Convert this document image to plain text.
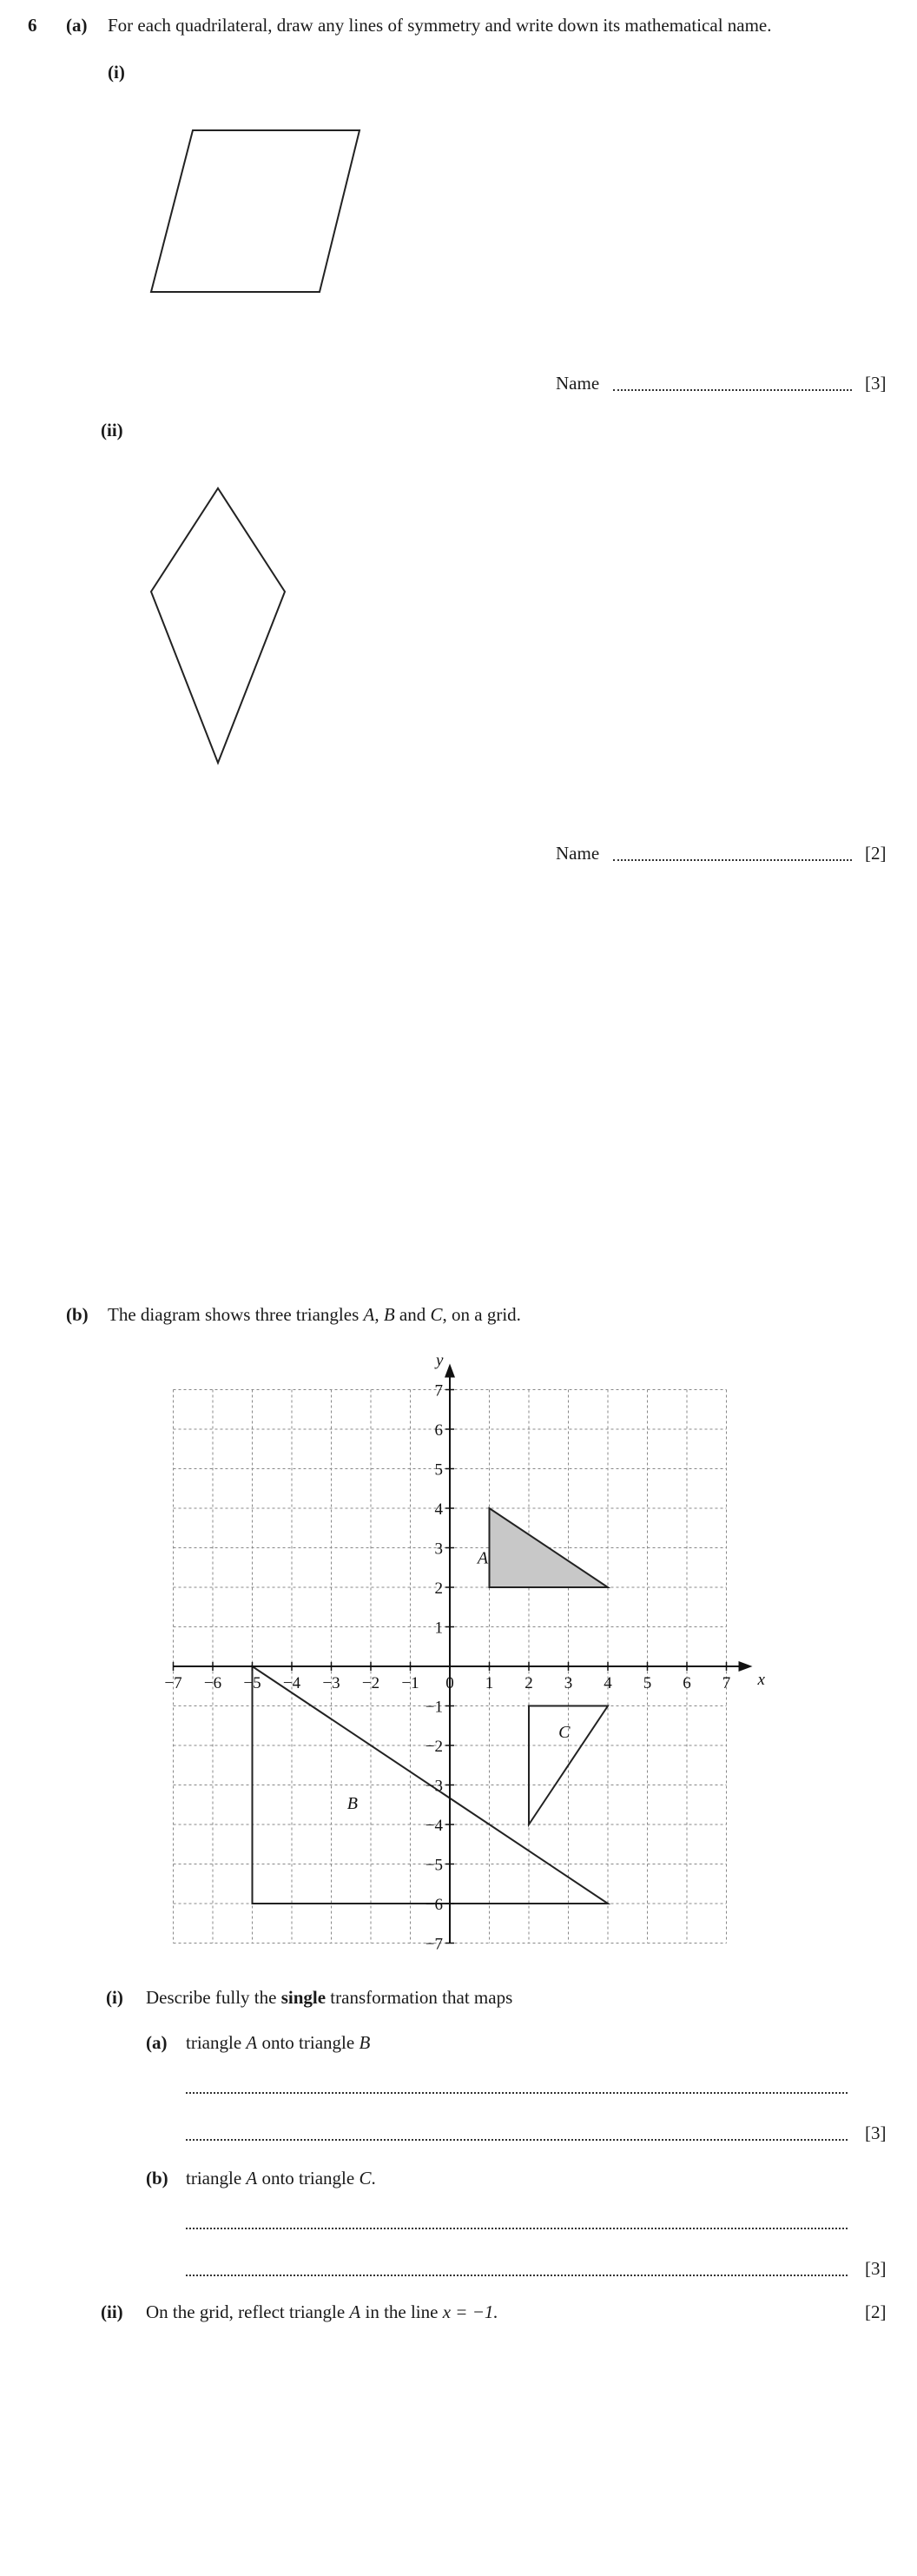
6 (a) For each quadrilateral, draw any lines of symmetry and write down its mathematical name.
(i)
Name	[3]
(ii)
Name	[2]
(b) The diagram shows three triangles A, B and C, on a grid.
x
y
−7 −6 −5 −4 −3 −2 −1 0 1 2 3 4 5 6 7
−7
−6
−5
−4
−3
−2
−1
1
2
3
4
5
6
7
A
B
C
(i) Describe fully the single transformation that maps
(a) triangle A onto triangle B
[3]
(b) triangle A onto triangle C.
[3]
(ii) On the grid, reflect triangle A in the line x = −1.	[2]
